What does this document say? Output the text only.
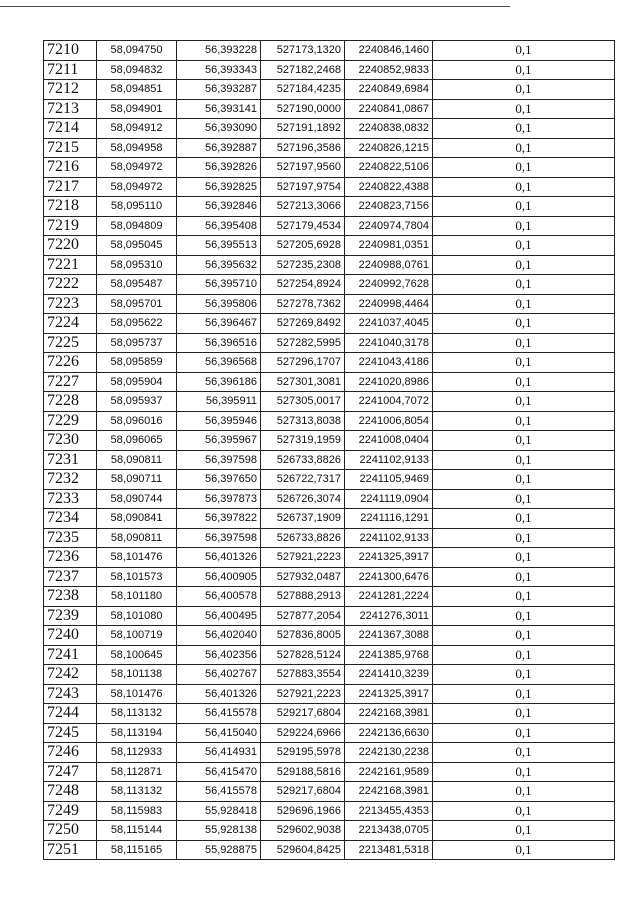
7210	58,094750	56,393228	527173,1320	2240846,1460	0,1
7211	58,094832	56,393343	527182,2468	2240852,9833	0,1
7212	58,094851	56,393287	527184,4235	2240849,6984	0,1
7213	58,094901	56,393141	527190,0000	2240841,0867	0,1
7214	58,094912	56,393090	527191,1892	2240838,0832	0,1
7215	58,094958	56,392887	527196,3586	2240826,1215	0,1
7216	58,094972	56,392826	527197,9560	2240822,5106	0,1
7217	58,094972	56,392825	527197,9754	2240822,4388	0,1
7218	58,095110	56,392846	527213,3066	2240823,7156	0,1
7219	58,094809	56,395408	527179,4534	2240974,7804	0,1
7220	58,095045	56,395513	527205,6928	2240981,0351	0,1
7221	58,095310	56,395632	527235,2308	2240988,0761	0,1
7222	58,095487	56,395710	527254,8924	2240992,7628	0,1
7223	58,095701	56,395806	527278,7362	2240998,4464	0,1
7224	58,095622	56,396467	527269,8492	2241037,4045	0,1
7225	58,095737	56,396516	527282,5995	2241040,3178	0,1
7226	58,095859	56,396568	527296,1707	2241043,4186	0,1
7227	58,095904	56,396186	527301,3081	2241020,8986	0,1
7228	58,095937	56,395911	527305,0017	2241004,7072	0,1
7229	58,096016	56,395946	527313,8038	2241006,8054	0,1
7230	58,096065	56,395967	527319,1959	2241008,0404	0,1
7231	58,090811	56,397598	526733,8826	2241102,9133	0,1
7232	58,090711	56,397650	526722,7317	2241105,9469	0,1
7233	58,090744	56,397873	526726,3074	2241119,0904	0,1
7234	58,090841	56,397822	526737,1909	2241116,1291	0,1
7235	58,090811	56,397598	526733,8826	2241102,9133	0,1
7236	58,101476	56,401326	527921,2223	2241325,3917	0,1
7237	58,101573	56,400905	527932,0487	2241300,6476	0,1
7238	58,101180	56,400578	527888,2913	2241281,2224	0,1
7239	58,101080	56,400495	527877,2054	2241276,3011	0,1
7240	58,100719	56,402040	527836,8005	2241367,3088	0,1
7241	58,100645	56,402356	527828,5124	2241385,9768	0,1
7242	58,101138	56,402767	527883,3554	2241410,3239	0,1
7243	58,101476	56,401326	527921,2223	2241325,3917	0,1
7244	58,113132	56,415578	529217,6804	2242168,3981	0,1
7245	58,113194	56,415040	529224,6966	2242136,6630	0,1
7246	58,112933	56,414931	529195,5978	2242130,2238	0,1
7247	58,112871	56,415470	529188,5816	2242161,9589	0,1
7248	58,113132	56,415578	529217,6804	2242168,3981	0,1
7249	58,115983	55,928418	529696,1966	2213455,4353	0,1
7250	58,115144	55,928138	529602,9038	2213438,0705	0,1
7251	58,115165	55,928875	529604,8425	2213481,5318	0,1
